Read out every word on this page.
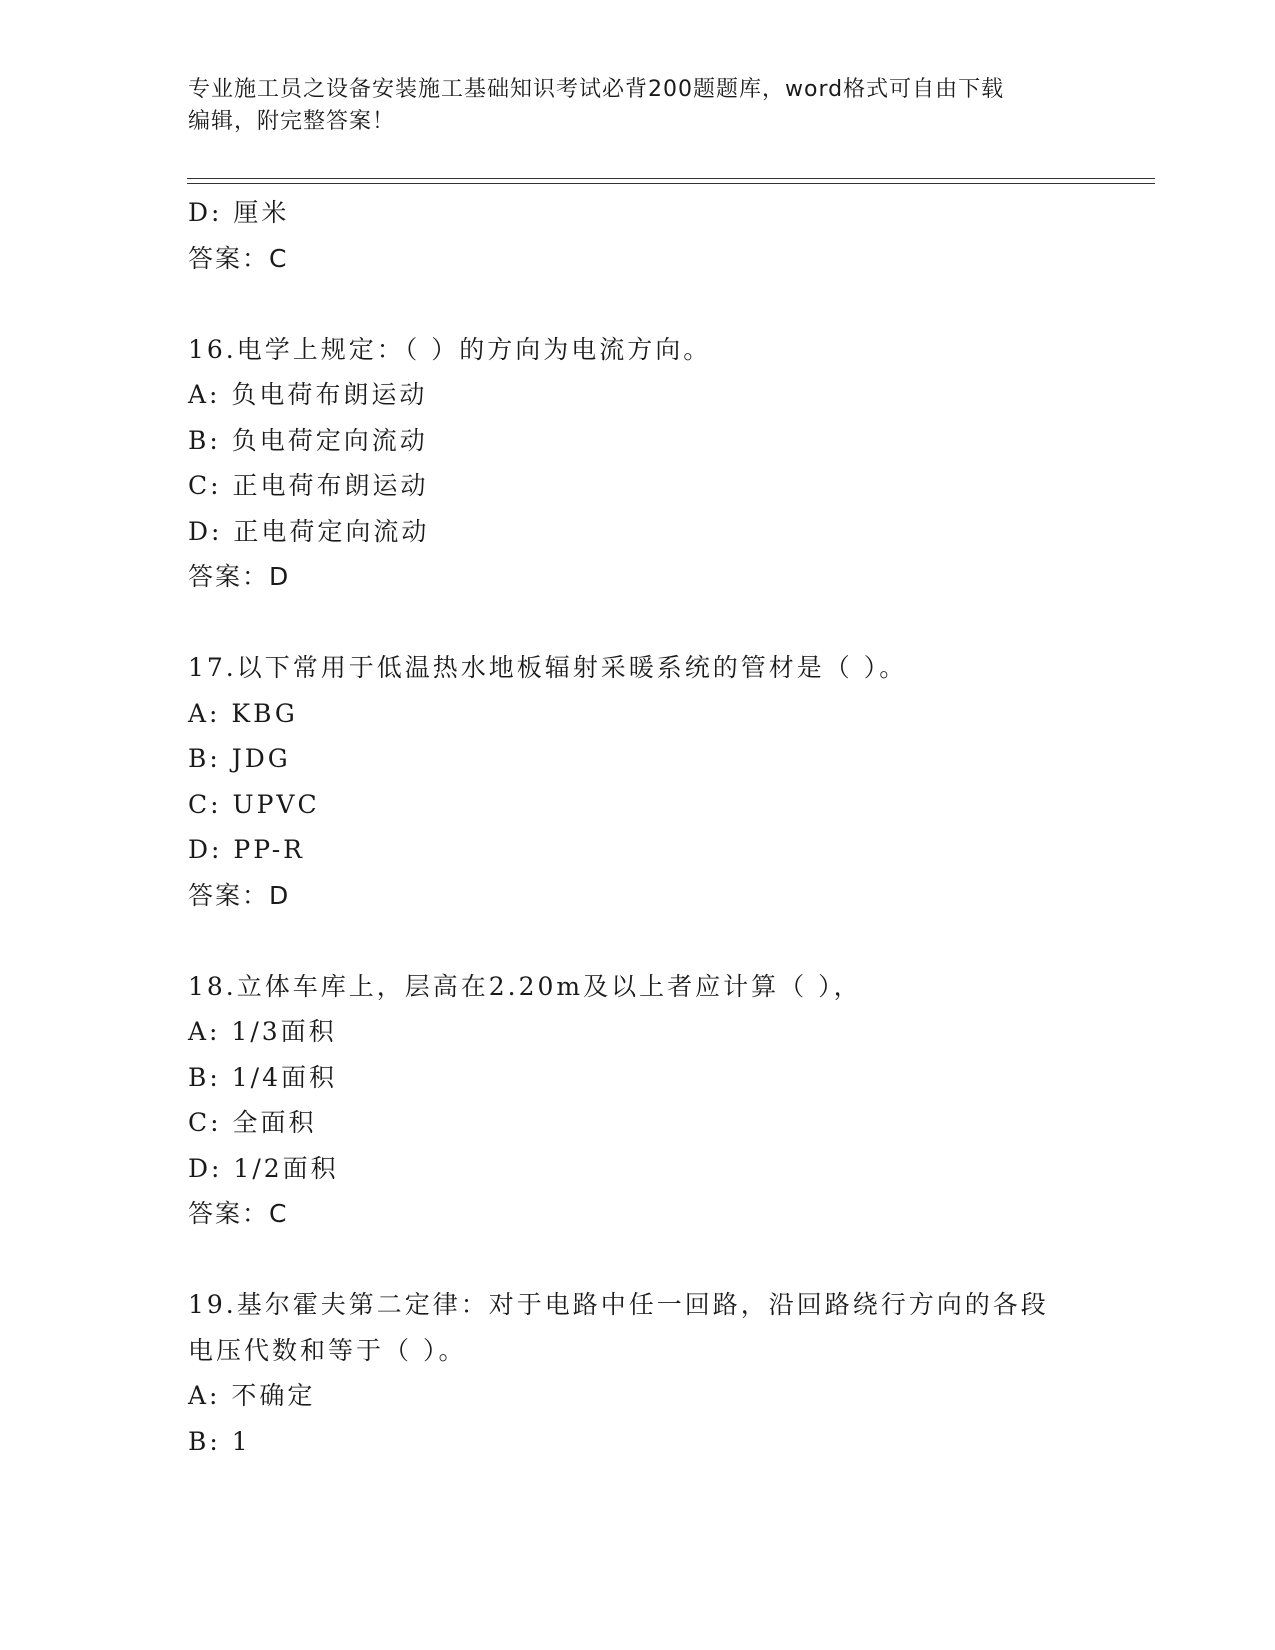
专业施工员之设备安装施工基础知识考试必背200题题库，word格式可自由下载
编辑，附完整答案！
D: 厘米
答案：C
16.电学上规定：（ ）的方向为电流方向。
A: 负电荷布朗运动
B: 负电荷定向流动
C: 正电荷布朗运动
D: 正电荷定向流动
答案：D
17.以下常用于低温热水地板辐射采暖系统的管材是（ ）。
A: KBG
B: JDG
C: UPVC
D: PP-R
答案：D
18.立体车库上，层高在2.20m及以上者应计算（ ），
A: 1/3面积
B: 1/4面积
C: 全面积
D: 1/2面积
答案：C
19.基尔霍夫第二定律：对于电路中任一回路，沿回路绕行方向的各段
电压代数和等于（ ）。
A: 不确定
B: 1
